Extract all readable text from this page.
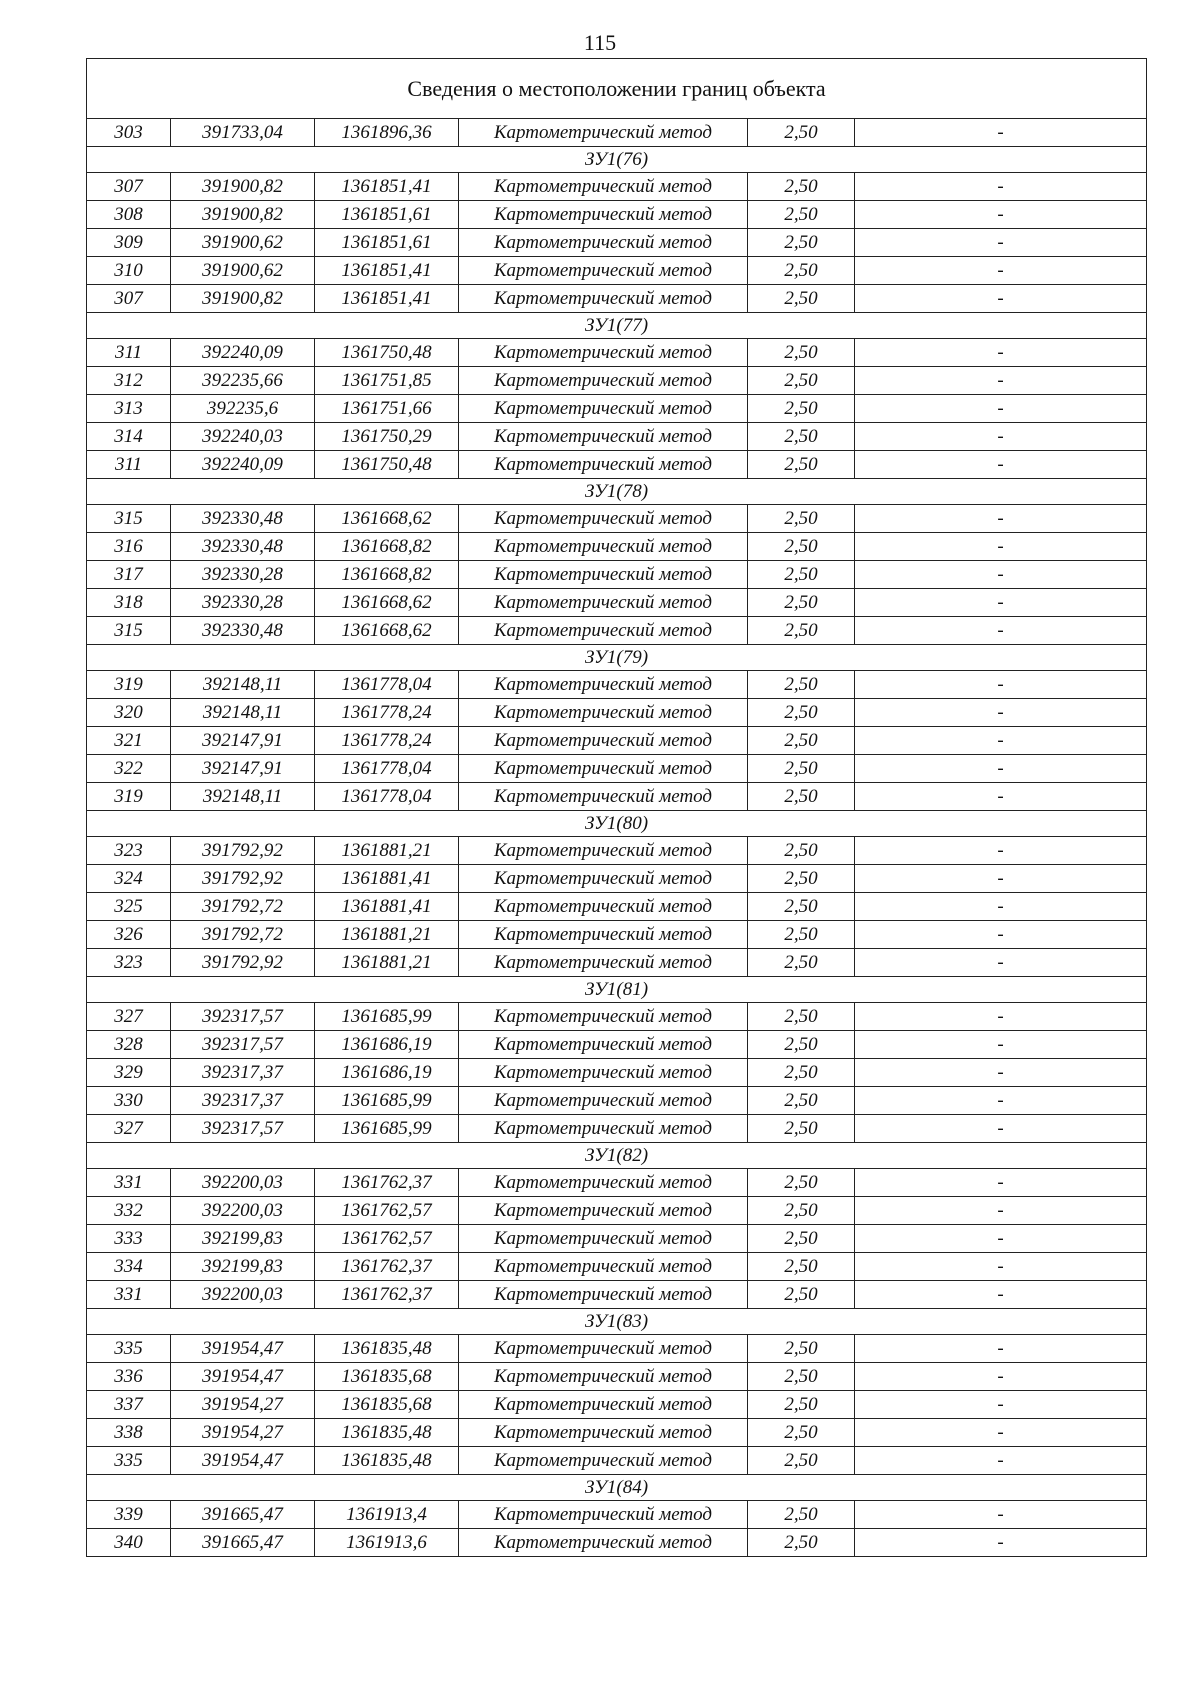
115
Сведения о местоположении границ объекта					
303	391733,04	1361896,36	Картометрический метод	2,50	-
ЗУ1(76)					
307	391900,82	1361851,41	Картометрический метод	2,50	-
308	391900,82	1361851,61	Картометрический метод	2,50	-
309	391900,62	1361851,61	Картометрический метод	2,50	-
310	391900,62	1361851,41	Картометрический метод	2,50	-
307	391900,82	1361851,41	Картометрический метод	2,50	-
ЗУ1(77)					
311	392240,09	1361750,48	Картометрический метод	2,50	-
312	392235,66	1361751,85	Картометрический метод	2,50	-
313	392235,6	1361751,66	Картометрический метод	2,50	-
314	392240,03	1361750,29	Картометрический метод	2,50	-
311	392240,09	1361750,48	Картометрический метод	2,50	-
ЗУ1(78)					
315	392330,48	1361668,62	Картометрический метод	2,50	-
316	392330,48	1361668,82	Картометрический метод	2,50	-
317	392330,28	1361668,82	Картометрический метод	2,50	-
318	392330,28	1361668,62	Картометрический метод	2,50	-
315	392330,48	1361668,62	Картометрический метод	2,50	-
ЗУ1(79)					
319	392148,11	1361778,04	Картометрический метод	2,50	-
320	392148,11	1361778,24	Картометрический метод	2,50	-
321	392147,91	1361778,24	Картометрический метод	2,50	-
322	392147,91	1361778,04	Картометрический метод	2,50	-
319	392148,11	1361778,04	Картометрический метод	2,50	-
ЗУ1(80)					
323	391792,92	1361881,21	Картометрический метод	2,50	-
324	391792,92	1361881,41	Картометрический метод	2,50	-
325	391792,72	1361881,41	Картометрический метод	2,50	-
326	391792,72	1361881,21	Картометрический метод	2,50	-
323	391792,92	1361881,21	Картометрический метод	2,50	-
ЗУ1(81)					
327	392317,57	1361685,99	Картометрический метод	2,50	-
328	392317,57	1361686,19	Картометрический метод	2,50	-
329	392317,37	1361686,19	Картометрический метод	2,50	-
330	392317,37	1361685,99	Картометрический метод	2,50	-
327	392317,57	1361685,99	Картометрический метод	2,50	-
ЗУ1(82)					
331	392200,03	1361762,37	Картометрический метод	2,50	-
332	392200,03	1361762,57	Картометрический метод	2,50	-
333	392199,83	1361762,57	Картометрический метод	2,50	-
334	392199,83	1361762,37	Картометрический метод	2,50	-
331	392200,03	1361762,37	Картометрический метод	2,50	-
ЗУ1(83)					
335	391954,47	1361835,48	Картометрический метод	2,50	-
336	391954,47	1361835,68	Картометрический метод	2,50	-
337	391954,27	1361835,68	Картометрический метод	2,50	-
338	391954,27	1361835,48	Картометрический метод	2,50	-
335	391954,47	1361835,48	Картометрический метод	2,50	-
ЗУ1(84)					
339	391665,47	1361913,4	Картометрический метод	2,50	-
340	391665,47	1361913,6	Картометрический метод	2,50	-
